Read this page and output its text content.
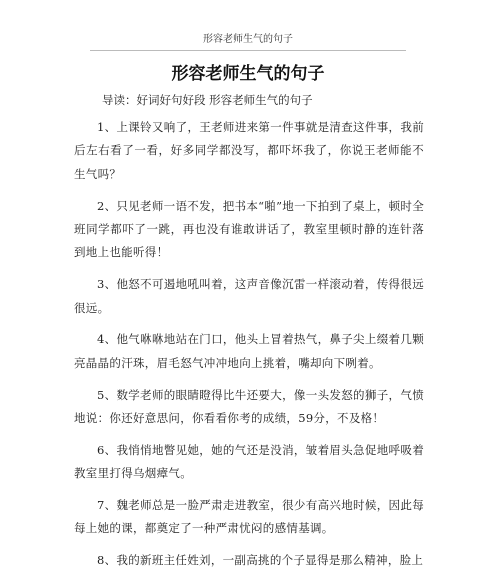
形容老师生气的句子
形容老师生气的句子
导读：好词好句好段 形容老师生气的句子

1、上课铃又响了，王老师进来第一件事就是清查这件事，我前后左右看了一看，好多同学都没写，都吓坏我了，你说王老师能不生气吗？

2、只见老师一语不发，把书本“啪”地一下拍到了桌上，顿时全班同学都吓了一跳，再也没有谁敢讲话了，教室里顿时静的连针落到地上也能听得！

3、他怒不可遏地吼叫着，这声音像沉雷一样滚动着，传得很远很远。

4、他气咻咻地站在门口，他头上冒着热气，鼻子尖上缀着几颗亮晶晶的汗珠，眉毛怒气冲冲地向上挑着，嘴却向下咧着。

5、数学老师的眼睛瞪得比牛还要大，像一头发怒的狮子，气愤地说：你还好意思问，你看看你考的成绩，59分，不及格！

6、我悄悄地瞥见她，她的气还是没消，皱着眉头急促地呼吸着教室里打得乌烟瘴气。

7、魏老师总是一脸严肃走进教室，很少有高兴地时候，因此每每上她的课，都奠定了一种严肃忧闷的感情基调。

8、我的新班主任姓刘，一副高挑的个子显得是那么精神，脸上
